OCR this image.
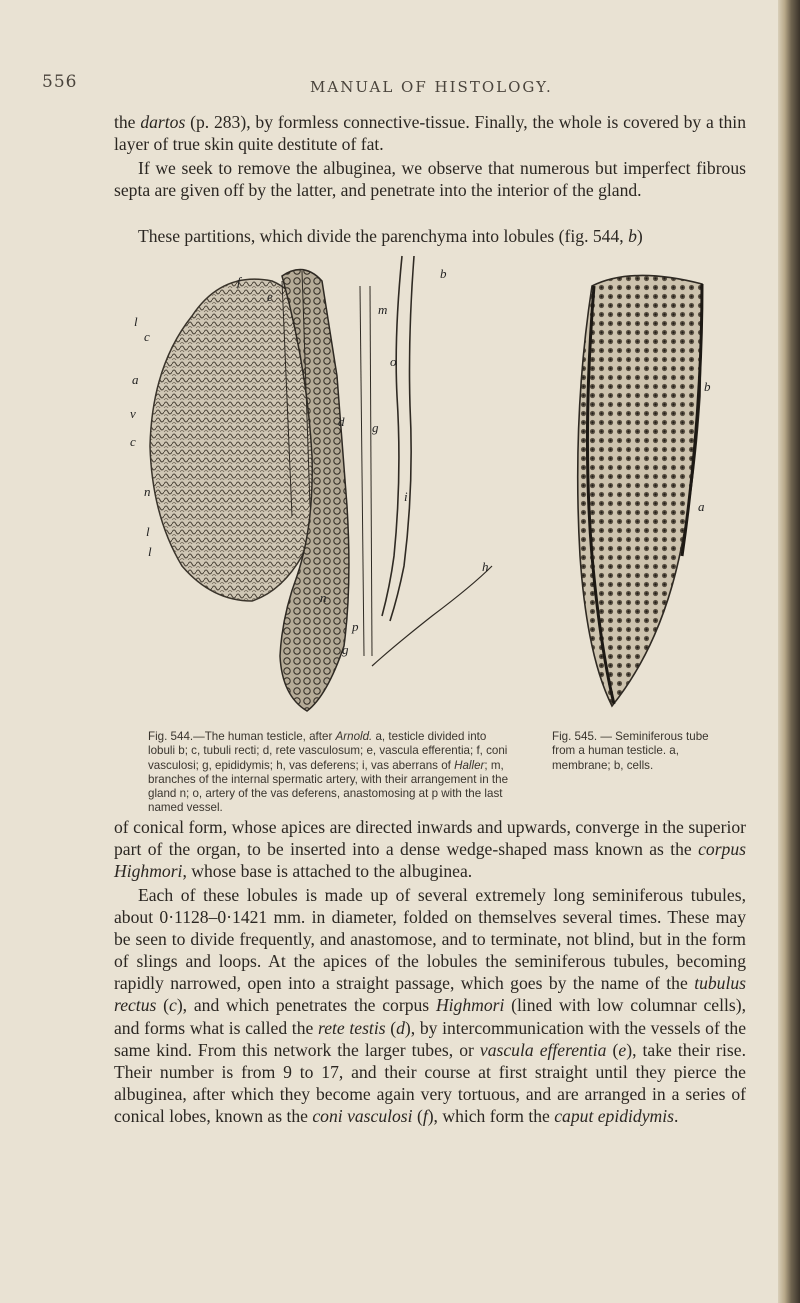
556	MANUAL OF HISTOLOGY.
the dartos (p. 283), by formless connective-tissue. Finally, the whole is covered by a thin layer of true skin quite destitute of fat.
If we seek to remove the albuginea, we observe that numerous but imperfect fibrous septa are given off by the latter, and penetrate into the interior of the gland.
These partitions, which divide the parenchyma into lobules (fig. 544, b)
f
e
l
c
a
v
c
n
l
l
n
m
o
d g
i
h
p
g
b
b
a
Fig. 544.—The human testicle, after Arnold. a, testicle divided into lobuli b; c, tubuli recti; d, rete vasculosum; e, vascula efferentia; f, coni vasculosi; g, epididymis; h, vas deferens; i, vas aberrans of Haller; m, branches of the internal spermatic artery, with their arrangement in the gland n; o, artery of the vas deferens, anastomosing at p with the last named vessel.
Fig. 545. — Seminiferous tube from a human testicle. a, membrane; b, cells.
of conical form, whose apices are directed inwards and upwards, converge in the superior part of the organ, to be inserted into a dense wedge-shaped mass known as the corpus Highmori, whose base is attached to the albuginea.
Each of these lobules is made up of several extremely long seminiferous tubules, about 0·1128–0·1421 mm. in diameter, folded on themselves several times. These may be seen to divide frequently, and anastomose, and to terminate, not blind, but in the form of slings and loops. At the apices of the lobules the seminiferous tubules, becoming rapidly narrowed, open into a straight passage, which goes by the name of the tubulus rectus (c), and which penetrates the corpus Highmori (lined with low columnar cells), and forms what is called the rete testis (d), by intercommunication with the vessels of the same kind. From this network the larger tubes, or vascula efferentia (e), take their rise. Their number is from 9 to 17, and their course at first straight until they pierce the albuginea, after which they become again very tortuous, and are arranged in a series of conical lobes, known as the coni vasculosi (f), which form the caput epididymis.
